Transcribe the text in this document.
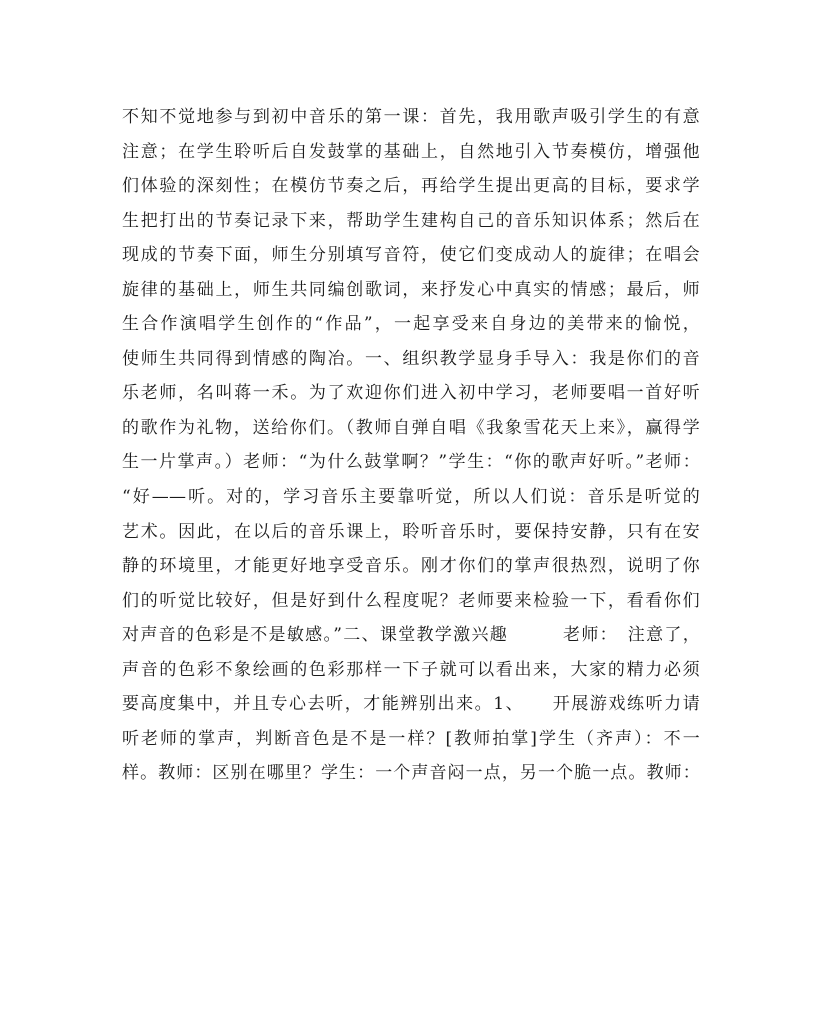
不知不觉地参与到初中音乐的第一课：首先，我用歌声吸引学生的有意
注意；在学生聆听后自发鼓掌的基础上，自然地引入节奏模仿，增强他
们体验的深刻性；在模仿节奏之后，再给学生提出更高的目标，要求学
生把打出的节奏记录下来，帮助学生建构自己的音乐知识体系；然后在
现成的节奏下面，师生分别填写音符，使它们变成动人的旋律；在唱会
旋律的基础上，师生共同编创歌词，来抒发心中真实的情感；最后，师
生合作演唱学生创作的“作品”，一起享受来自身边的美带来的愉悦，
使师生共同得到情感的陶冶。一、组织教学显身手导入：我是你们的音
乐老师，名叫蒋一禾。为了欢迎你们进入初中学习，老师要唱一首好听
的歌作为礼物，送给你们。（教师自弹自唱《我象雪花天上来》，赢得学
生一片掌声。）老师：“为什么鼓掌啊？”学生：“你的歌声好听。”老师：
“好——听。对的，学习音乐主要靠听觉，所以人们说：音乐是听觉的
艺术。因此，在以后的音乐课上，聆听音乐时，要保持安静，只有在安
静的环境里，才能更好地享受音乐。刚才你们的掌声很热烈，说明了你
们的听觉比较好，但是好到什么程度呢？老师要来检验一下，看看你们
对声音的色彩是不是敏感。”二、课堂教学激兴趣　　　老师：　注意了，
声音的色彩不象绘画的色彩那样一下子就可以看出来，大家的精力必须
要高度集中，并且专心去听，才能辨别出来。1、　　开展游戏练听力请
听老师的掌声，判断音色是不是一样？[教师拍掌]学生（齐声）：不一
样。教师：区别在哪里？学生：一个声音闷一点，另一个脆一点。教师：
